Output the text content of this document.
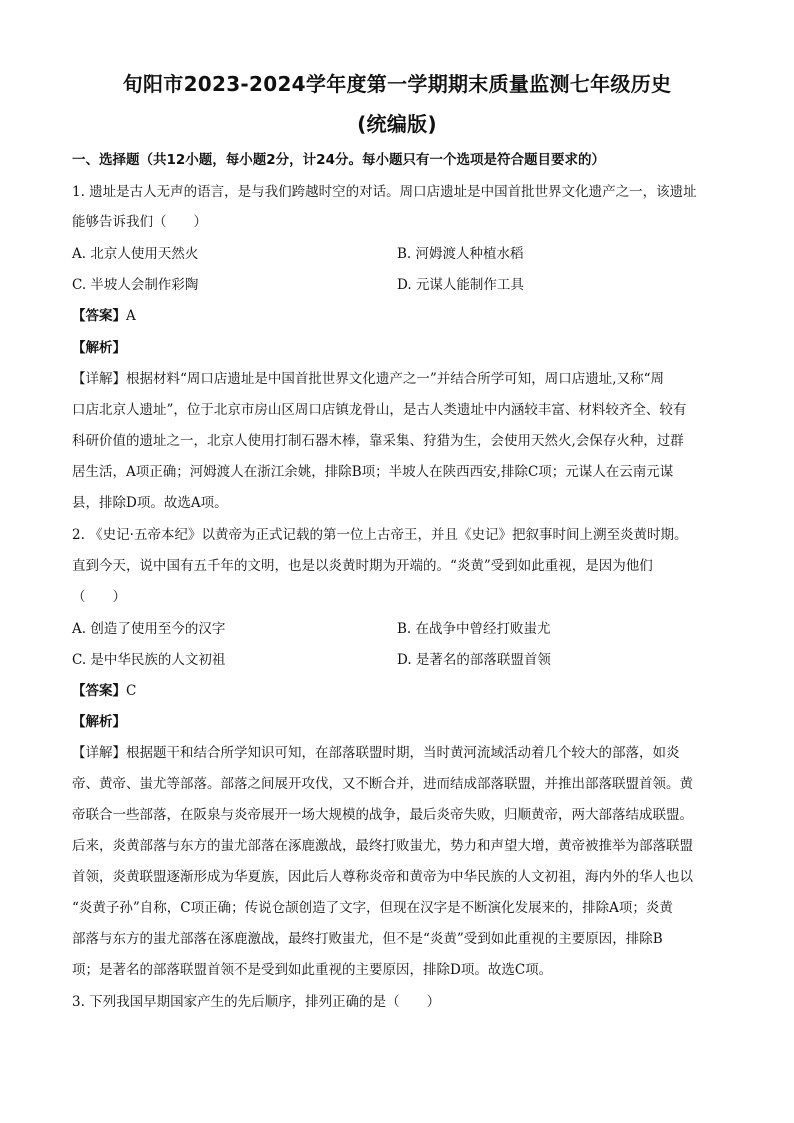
旬阳市2023-2024学年度第一学期期末质量监测七年级历史
(统编版)
一、选择题（共12小题，每小题2分，计24分。每小题只有一个选项是符合题目要求的）
1. 遗址是古人无声的语言，是与我们跨越时空的对话。周口店遗址是中国首批世界文化遗产之一，该遗址
能够告诉我们（　　）
A. 北京人使用天然火	B. 河姆渡人种植水稻
C. 半坡人会制作彩陶	D. 元谋人能制作工具
【答案】A
【解析】
【详解】根据材料“周口店遗址是中国首批世界文化遗产之一”并结合所学可知，周口店遗址,又称“周
口店北京人遗址”，位于北京市房山区周口店镇龙骨山，是古人类遗址中内涵较丰富、材料较齐全、较有
科研价值的遗址之一，北京人使用打制石器木棒，靠采集、狩猎为生，会使用天然火,会保存火种，过群
居生活，A项正确；河姆渡人在浙江余姚，排除B项；半坡人在陕西西安,排除C项；元谋人在云南元谋
县，排除D项。故选A项。
2. 《史记·五帝本纪》以黄帝为正式记载的第一位上古帝王，并且《史记》把叙事时间上溯至炎黄时期。
直到今天，说中国有五千年的文明，也是以炎黄时期为开端的。“炎黄”受到如此重视，是因为他们
（　　）
A. 创造了使用至今的汉字	B. 在战争中曾经打败蚩尤
C. 是中华民族的人文初祖	D. 是著名的部落联盟首领
【答案】C
【解析】
【详解】根据题干和结合所学知识可知，在部落联盟时期，当时黄河流域活动着几个较大的部落，如炎
帝、黄帝、蚩尤等部落。部落之间展开攻伐，又不断合并，进而结成部落联盟，并推出部落联盟首领。黄
帝联合一些部落，在阪泉与炎帝展开一场大规模的战争，最后炎帝失败，归顺黄帝，两大部落结成联盟。
后来，炎黄部落与东方的蚩尤部落在涿鹿激战，最终打败蚩尤，势力和声望大增，黄帝被推举为部落联盟
首领，炎黄联盟逐渐形成为华夏族，因此后人尊称炎帝和黄帝为中华民族的人文初祖，海内外的华人也以
“炎黄子孙”自称，C项正确；传说仓颉创造了文字，但现在汉字是不断演化发展来的，排除A项；炎黄
部落与东方的蚩尤部落在涿鹿激战，最终打败蚩尤，但不是“炎黄”受到如此重视的主要原因，排除B
项；是著名的部落联盟首领不是受到如此重视的主要原因，排除D项。故选C项。
3. 下列我国早期国家产生的先后顺序，排列正确的是（　　）
